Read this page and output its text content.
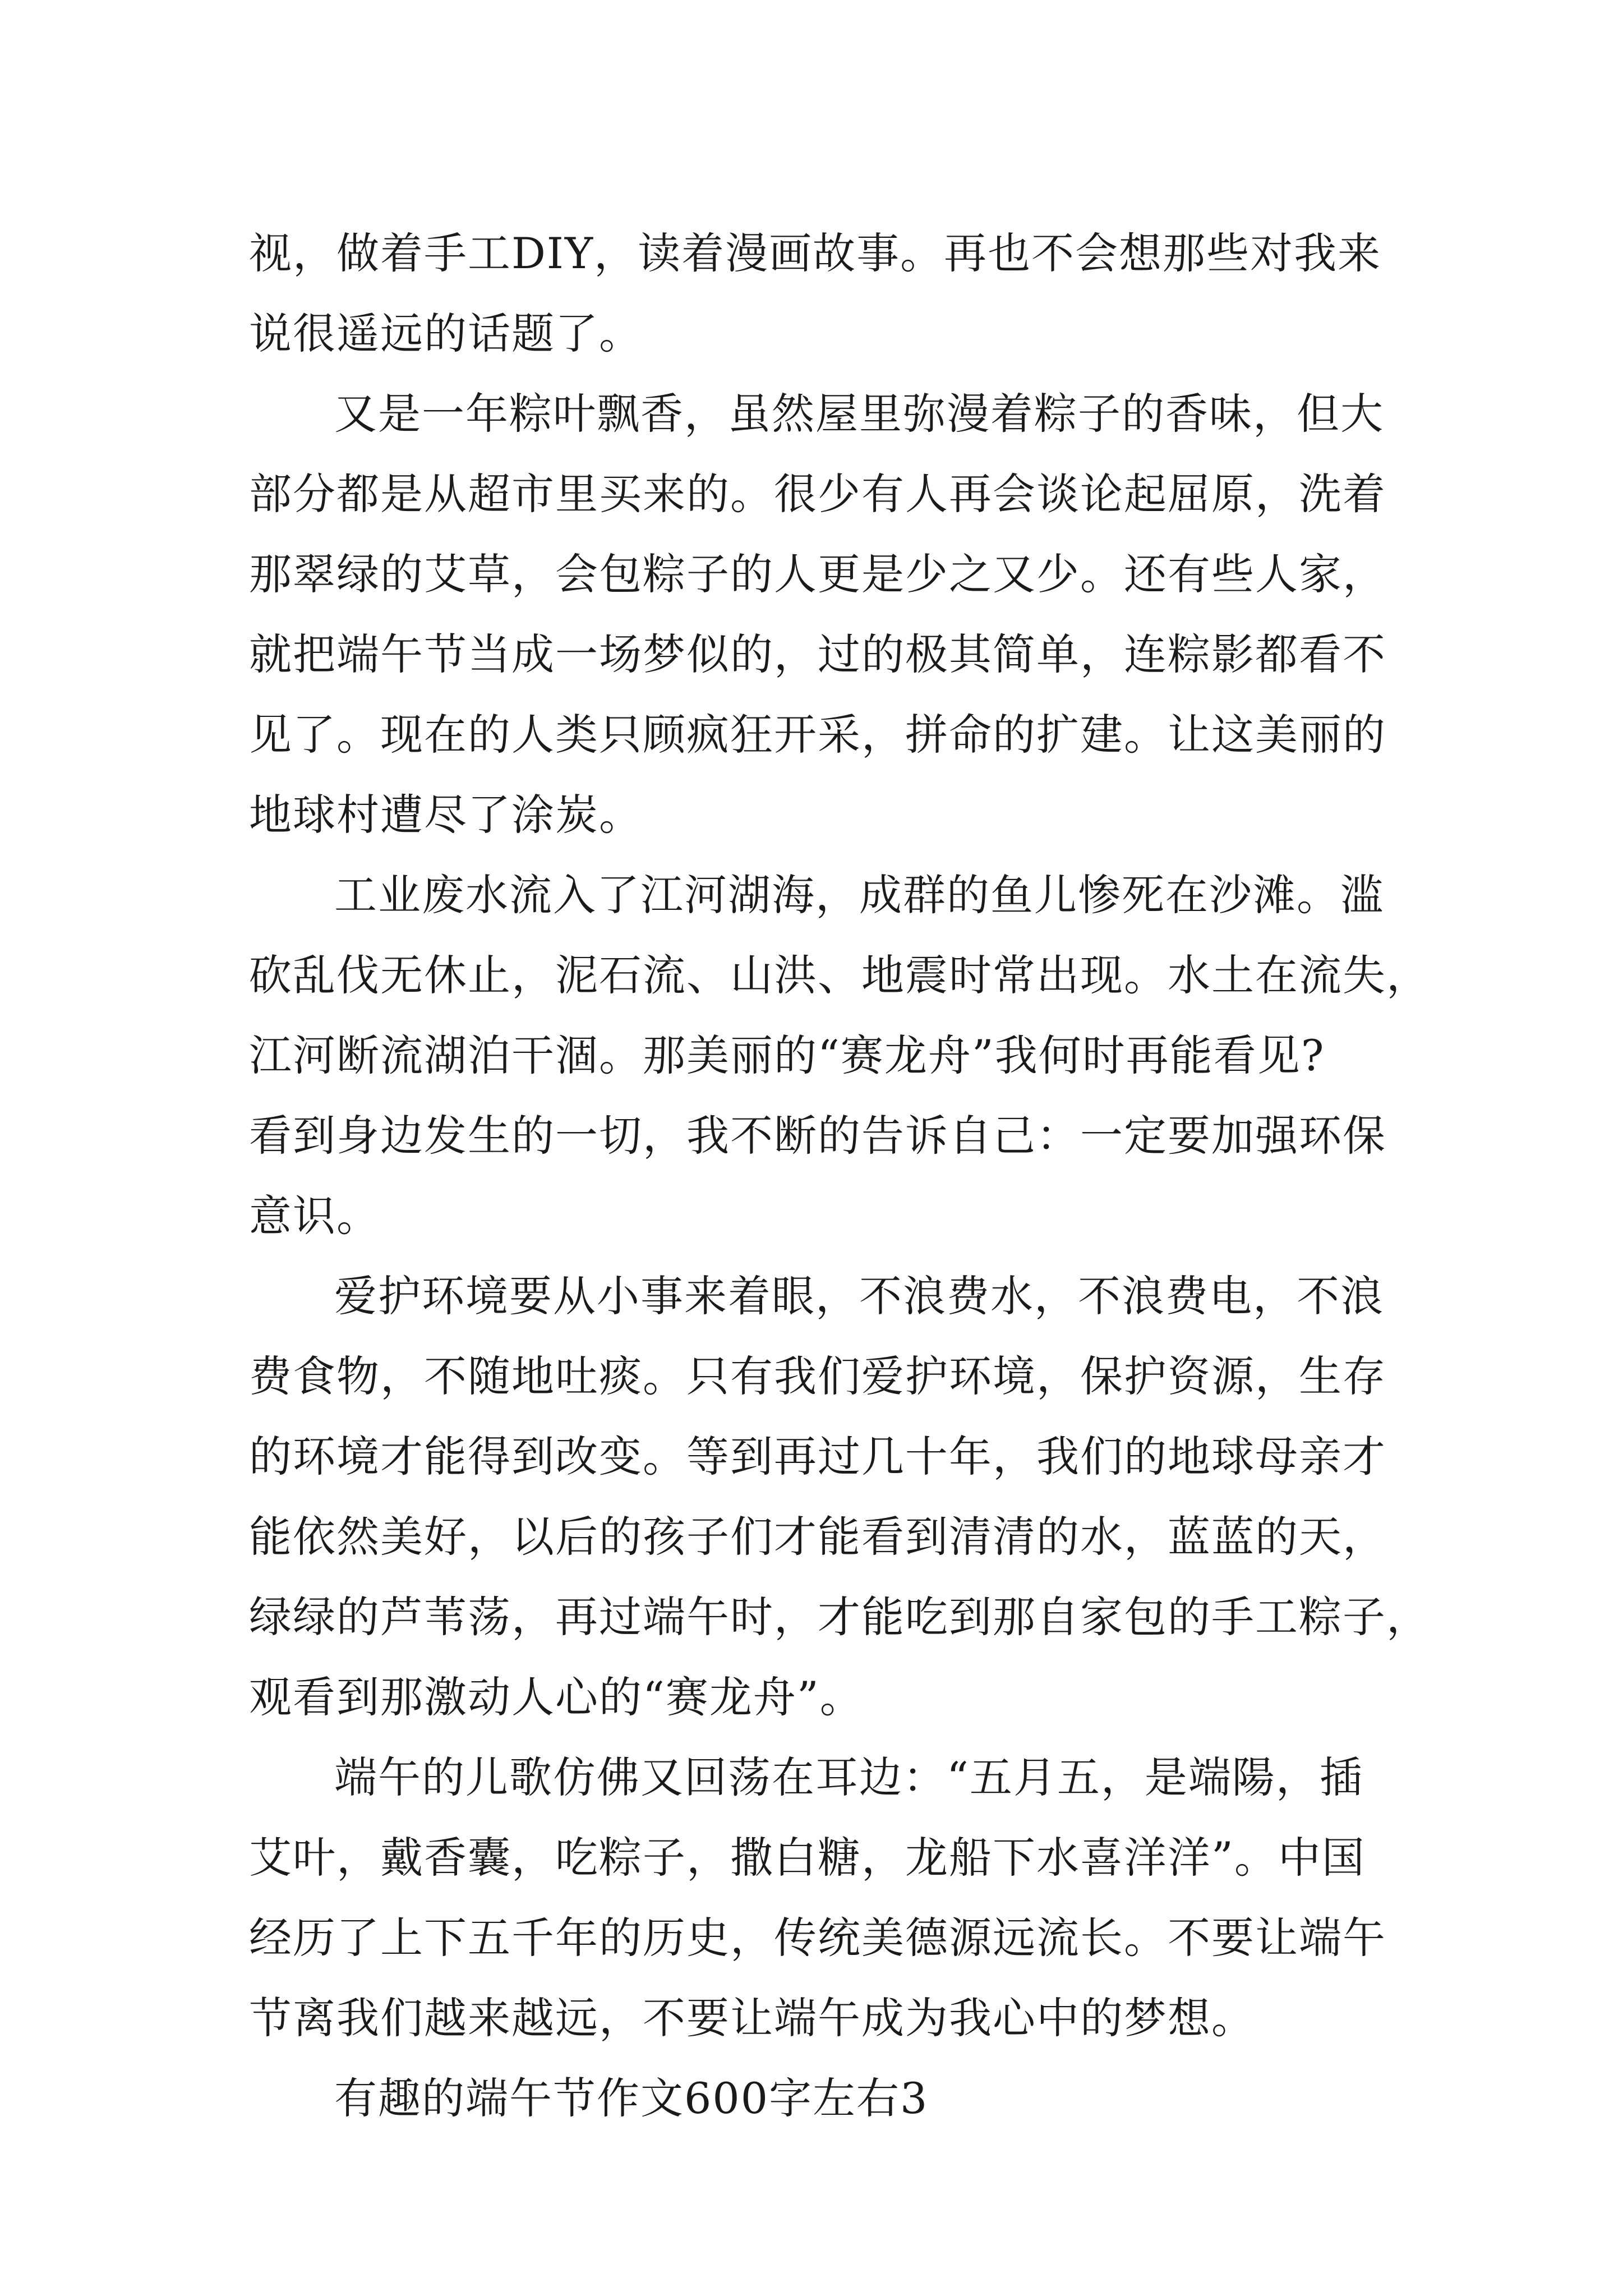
视，做着手工DIY，读着漫画故事。再也不会想那些对我来
说很遥远的话题了。
又是一年粽叶飘香，虽然屋里弥漫着粽子的香味，但大
部分都是从超市里买来的。很少有人再会谈论起屈原，洗着
那翠绿的艾草，会包粽子的人更是少之又少。还有些人家，
就把端午节当成一场梦似的，过的极其简单，连粽影都看不
见了。现在的人类只顾疯狂开采，拼命的扩建。让这美丽的
地球村遭尽了涂炭。
工业废水流入了江河湖海，成群的鱼儿惨死在沙滩。滥
砍乱伐无休止，泥石流、山洪、地震时常出现。水土在流失，
江河断流湖泊干涸。那美丽的“赛龙舟”我何时再能看见?
看到身边发生的一切，我不断的告诉自己：一定要加强环保
意识。
爱护环境要从小事来着眼，不浪费水，不浪费电，不浪
费食物，不随地吐痰。只有我们爱护环境，保护资源，生存
的环境才能得到改变。等到再过几十年，我们的地球母亲才
能依然美好，以后的孩子们才能看到清清的水，蓝蓝的天，
绿绿的芦苇荡，再过端午时，才能吃到那自家包的手工粽子，
观看到那激动人心的“赛龙舟”。
端午的儿歌仿佛又回荡在耳边：“五月五，是端陽，插
艾叶，戴香囊，吃粽子，撒白糖，龙船下水喜洋洋”。中国
经历了上下五千年的历史，传统美德源远流长。不要让端午
节离我们越来越远，不要让端午成为我心中的梦想。
有趣的端午节作文600字左右3
